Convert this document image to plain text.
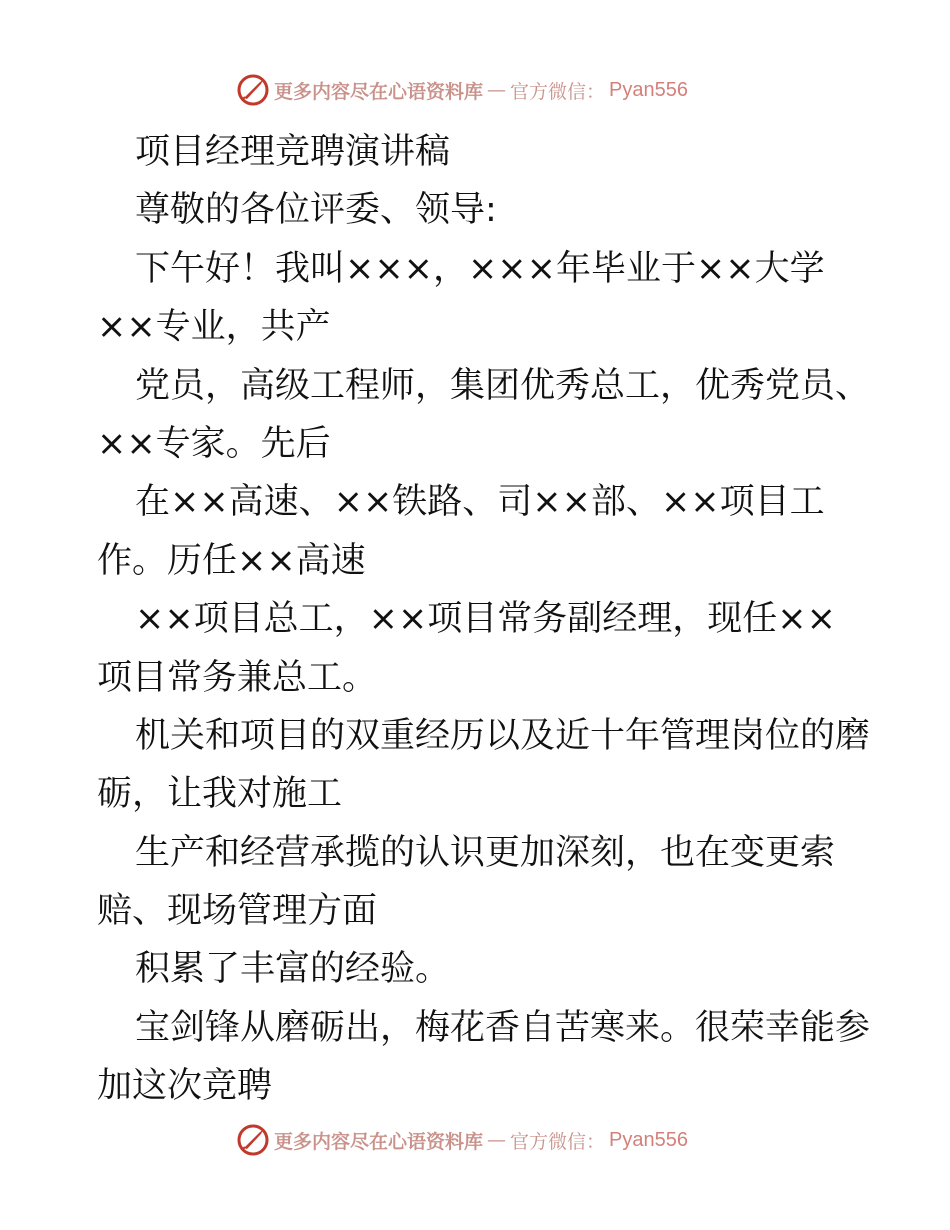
更多内容尽在心语资料库 — 官方微信： Pyan556
项目经理竞聘演讲稿
尊敬的各位评委、领导:
下午好！我叫×××，×××年毕业于××大学
××专业，共产
党员，高级工程师，集团优秀总工，优秀党员、
××专家。先后
在××高速、××铁路、司××部、××项目工
作。历任××高速
××项目总工，××项目常务副经理，现任××
项目常务兼总工。
机关和项目的双重经历以及近十年管理岗位的磨
砺，让我对施工
生产和经营承揽的认识更加深刻，也在变更索
赔、现场管理方面
积累了丰富的经验。
宝剑锋从磨砺出，梅花香自苦寒来。很荣幸能参
加这次竞聘
更多内容尽在心语资料库 — 官方微信： Pyan556
